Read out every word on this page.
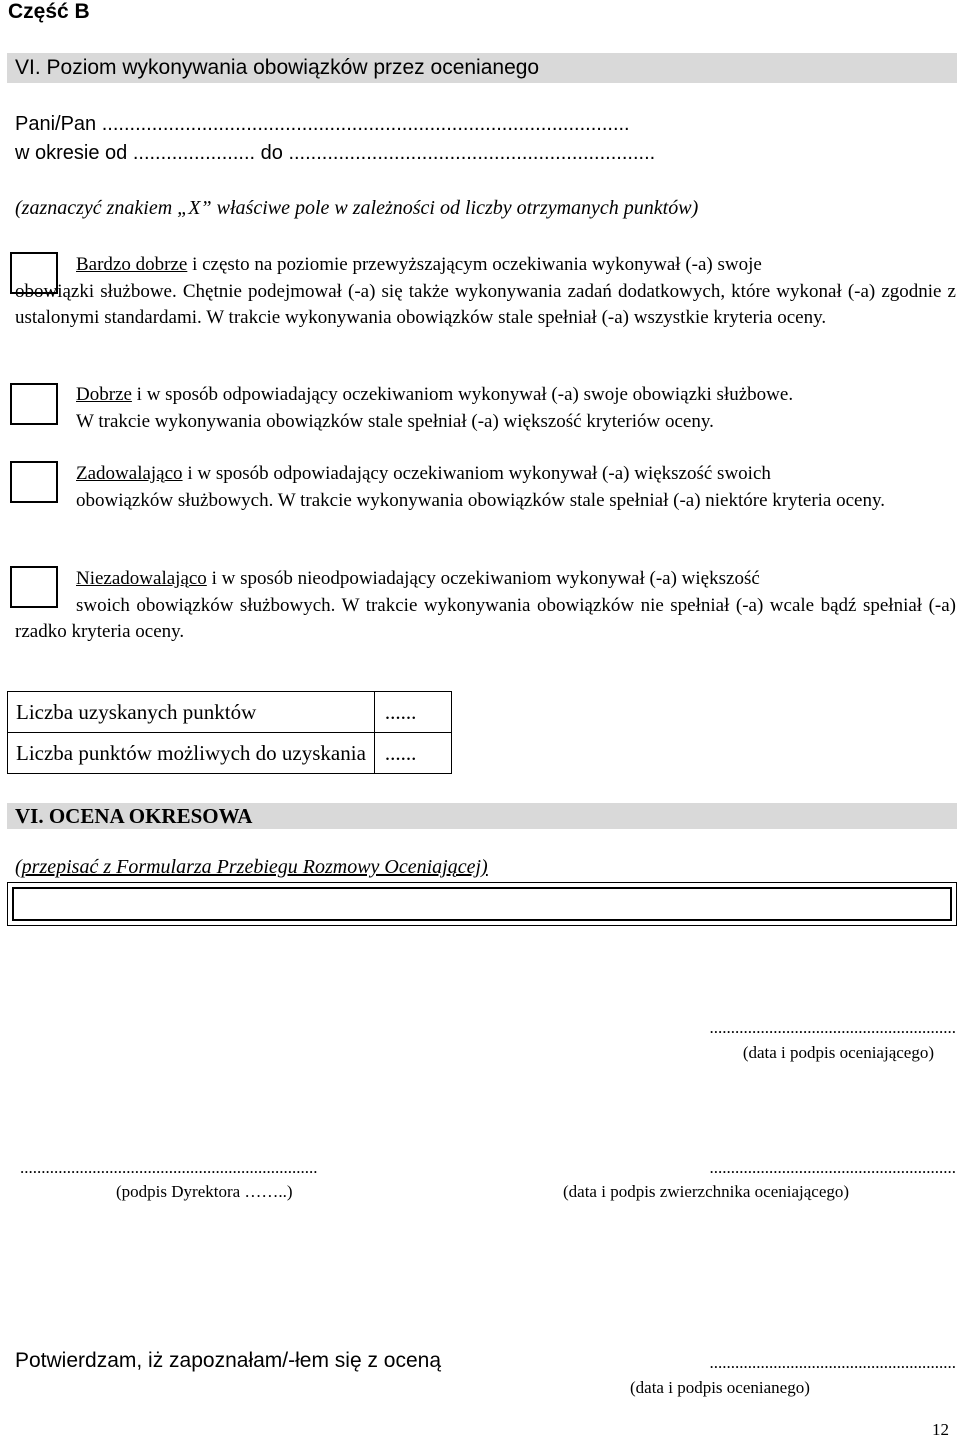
Część B
VI. Poziom wykonywania obowiązków przez ocenianego
Pani/Pan ...............................................................................................
w okresie od ...................... do ..................................................................
(zaznaczyć znakiem „X” właściwe pole w zależności od liczby otrzymanych punktów)
Bardzo dobrze i często na poziomie przewyższającym oczekiwania wykonywał (-a) swoje
obowiązki służbowe. Chętnie podejmował (-a) się także wykonywania zadań dodatkowych, które wykonał (-a) zgodnie z ustalonymi standardami. W trakcie wykonywania obowiązków stale spełniał (-a) wszystkie kryteria oceny.
Dobrze i w sposób odpowiadający oczekiwaniom wykonywał (-a) swoje obowiązki służbowe.
W trakcie wykonywania obowiązków stale spełniał (-a) większość kryteriów oceny.
Zadowalająco i w sposób odpowiadający oczekiwaniom wykonywał (-a) większość swoich
obowiązków służbowych. W trakcie wykonywania obowiązków stale spełniał (-a) niektóre kryteria oceny.
Niezadowalająco i w sposób nieodpowiadający oczekiwaniom wykonywał (-a) większość
swoich obowiązków służbowych. W trakcie wykonywania obowiązków nie spełniał (-a) wcale bądź spełniał (-a) rzadko kryteria oceny.
Liczba uzyskanych punktów	......
Liczba punktów możliwych do uzyskania	......
VI. OCENA OKRESOWA
(przepisać z Formularza Przebiegu Rozmowy Oceniającej)
..........................................................
(data i podpis oceniającego)
......................................................................
(podpis Dyrektora ……..)
..........................................................
(data i podpis zwierzchnika oceniającego)
Potwierdzam, iż zapoznałam/-łem się z oceną	..........................................................
(data i podpis ocenianego)
12
